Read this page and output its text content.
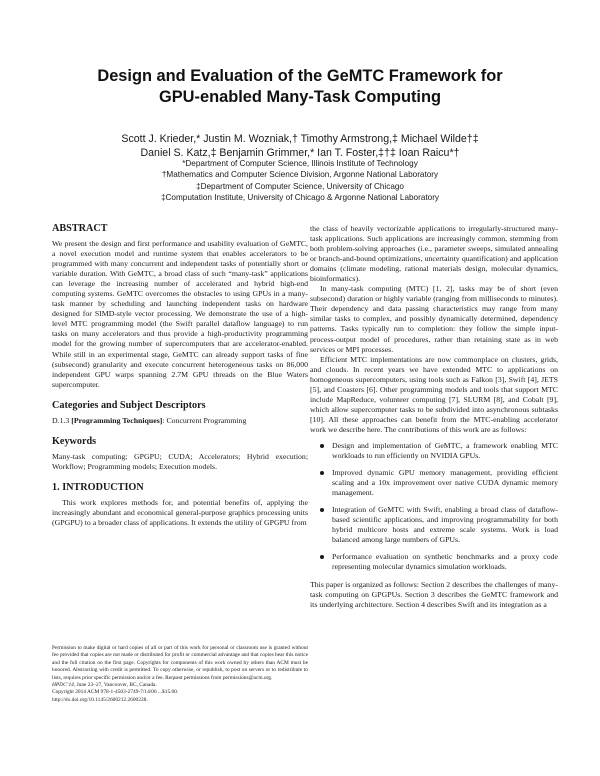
Design and Evaluation of the GeMTC Framework for
GPU-enabled Many-Task Computing
Scott J. Krieder,* Justin M. Wozniak,† Timothy Armstrong,‡ Michael Wilde†‡
Daniel S. Katz,‡ Benjamin Grimmer,* Ian T. Foster,‡†‡ Ioan Raicu*†
*Department of Computer Science, Illinois Institute of Technology
†Mathematics and Computer Science Division, Argonne National Laboratory
‡Department of Computer Science, University of Chicago
‡Computation Institute, University of Chicago & Argonne National Laboratory
ABSTRACT

We present the design and first performance and usability evaluation of GeMTC, a novel execution model and runtime system that enables accelerators to be programmed with many concurrent and independent tasks of potentially short or variable duration. With GeMTC, a broad class of such “many-task” applications can leverage the increasing number of accelerated and hybrid high-end computing systems. GeMTC overcomes the obstacles to using GPUs in a many-task manner by scheduling and launching independent tasks on hardware designed for SIMD-style vector processing. We demonstrate the use of a high-level MTC programming model (the Swift parallel dataflow language) to run tasks on many accelerators and thus provide a high-productivity programming model for the growing number of supercomputers that are accelerator-enabled. While still in an experimental stage, GeMTC can already support tasks of fine (subsecond) granularity and execute concurrent heterogeneous tasks on 86,000 independent GPU warps spanning 2.7M GPU threads on the Blue Waters supercomputer.

Categories and Subject Descriptors

D.1.3 [Programming Techniques]: Concurrent Programming

Keywords

Many-task computing; GPGPU; CUDA; Accelerators; Hybrid execution; Workflow; Programming models; Execution models.

1. INTRODUCTION

This work explores methods for, and potential benefits of, applying the increasingly abundant and economical general-purpose graphics processing units (GPGPU) to a broader class of applications. It extends the utility of GPGPU from

Permission to make digital or hard copies of all or part of this work for personal or classroom use is granted without fee provided that copies are not made or distributed for profit or commercial advantage and that copies bear this notice and the full citation on the first page. Copyrights for components of this work owned by others than ACM must be honored. Abstracting with credit is permitted. To copy otherwise, or republish, to post on servers or to redistribute to lists, requires prior specific permission and/or a fee. Request permissions from permissions@acm.org.

HPDC’14, June 23–27, Vancouver, BC, Canada.
Copyright 2014 ACM 978-1-4503-2749-7/14/06 ...$15.00.
http://dx.doi.org/10.1145/2600212.2600228.

the class of heavily vectorizable applications to irregularly-structured many-task applications. Such applications are increasingly common, stemming from both problem-solving approaches (i.e., parameter sweeps, simulated annealing or branch-and-bound optimizations, uncertainty quantification) and application domains (climate modeling, rational materials design, molecular dynamics, bioinformatics).

In many-task computing (MTC) [1, 2], tasks may be of short (even subsecond) duration or highly variable (ranging from milliseconds to minutes). Their dependency and data passing characteristics may range from many similar tasks to complex, and possibly dynamically determined, dependency patterns. Tasks typically run to completion: they follow the simple input-process-output model of procedures, rather than retaining state as in web services or MPI processes.

Efficient MTC implementations are now commonplace on clusters, grids, and clouds. In recent years we have extended MTC to applications on homogeneous supercomputers, using tools such as Falkon [3], Swift [4], JETS [5], and Coasters [6]. Other programming models and tools that support MTC include MapReduce, volunteer computing [7], SLURM [8], and Cobalt [9], which allow supercomputer tasks to be subdivided into asynchronous subtasks [10]. All these approaches can benefit from the MTC-enabling accelerator work we describe here. The contributions of this work are as follows:

Design and implementation of GeMTC, a framework enabling MTC workloads to run efficiently on NVIDIA GPUs.
Improved dynamic GPU memory management, providing efficient scaling and a 10x improvement over native CUDA dynamic memory management.
Integration of GeMTC with Swift, enabling a broad class of dataflow-based scientific applications, and improving programmability for both hybrid multicore hosts and extreme scale systems. Work is load balanced among large numbers of GPUs.
Performance evaluation on synthetic benchmarks and a proxy code representing molecular dynamics simulation workloads.

This paper is organized as follows: Section 2 describes the challenges of many-task computing on GPGPUs. Section 3 describes the GeMTC framework and its underlying architecture. Section 4 describes Swift and its integration as a
